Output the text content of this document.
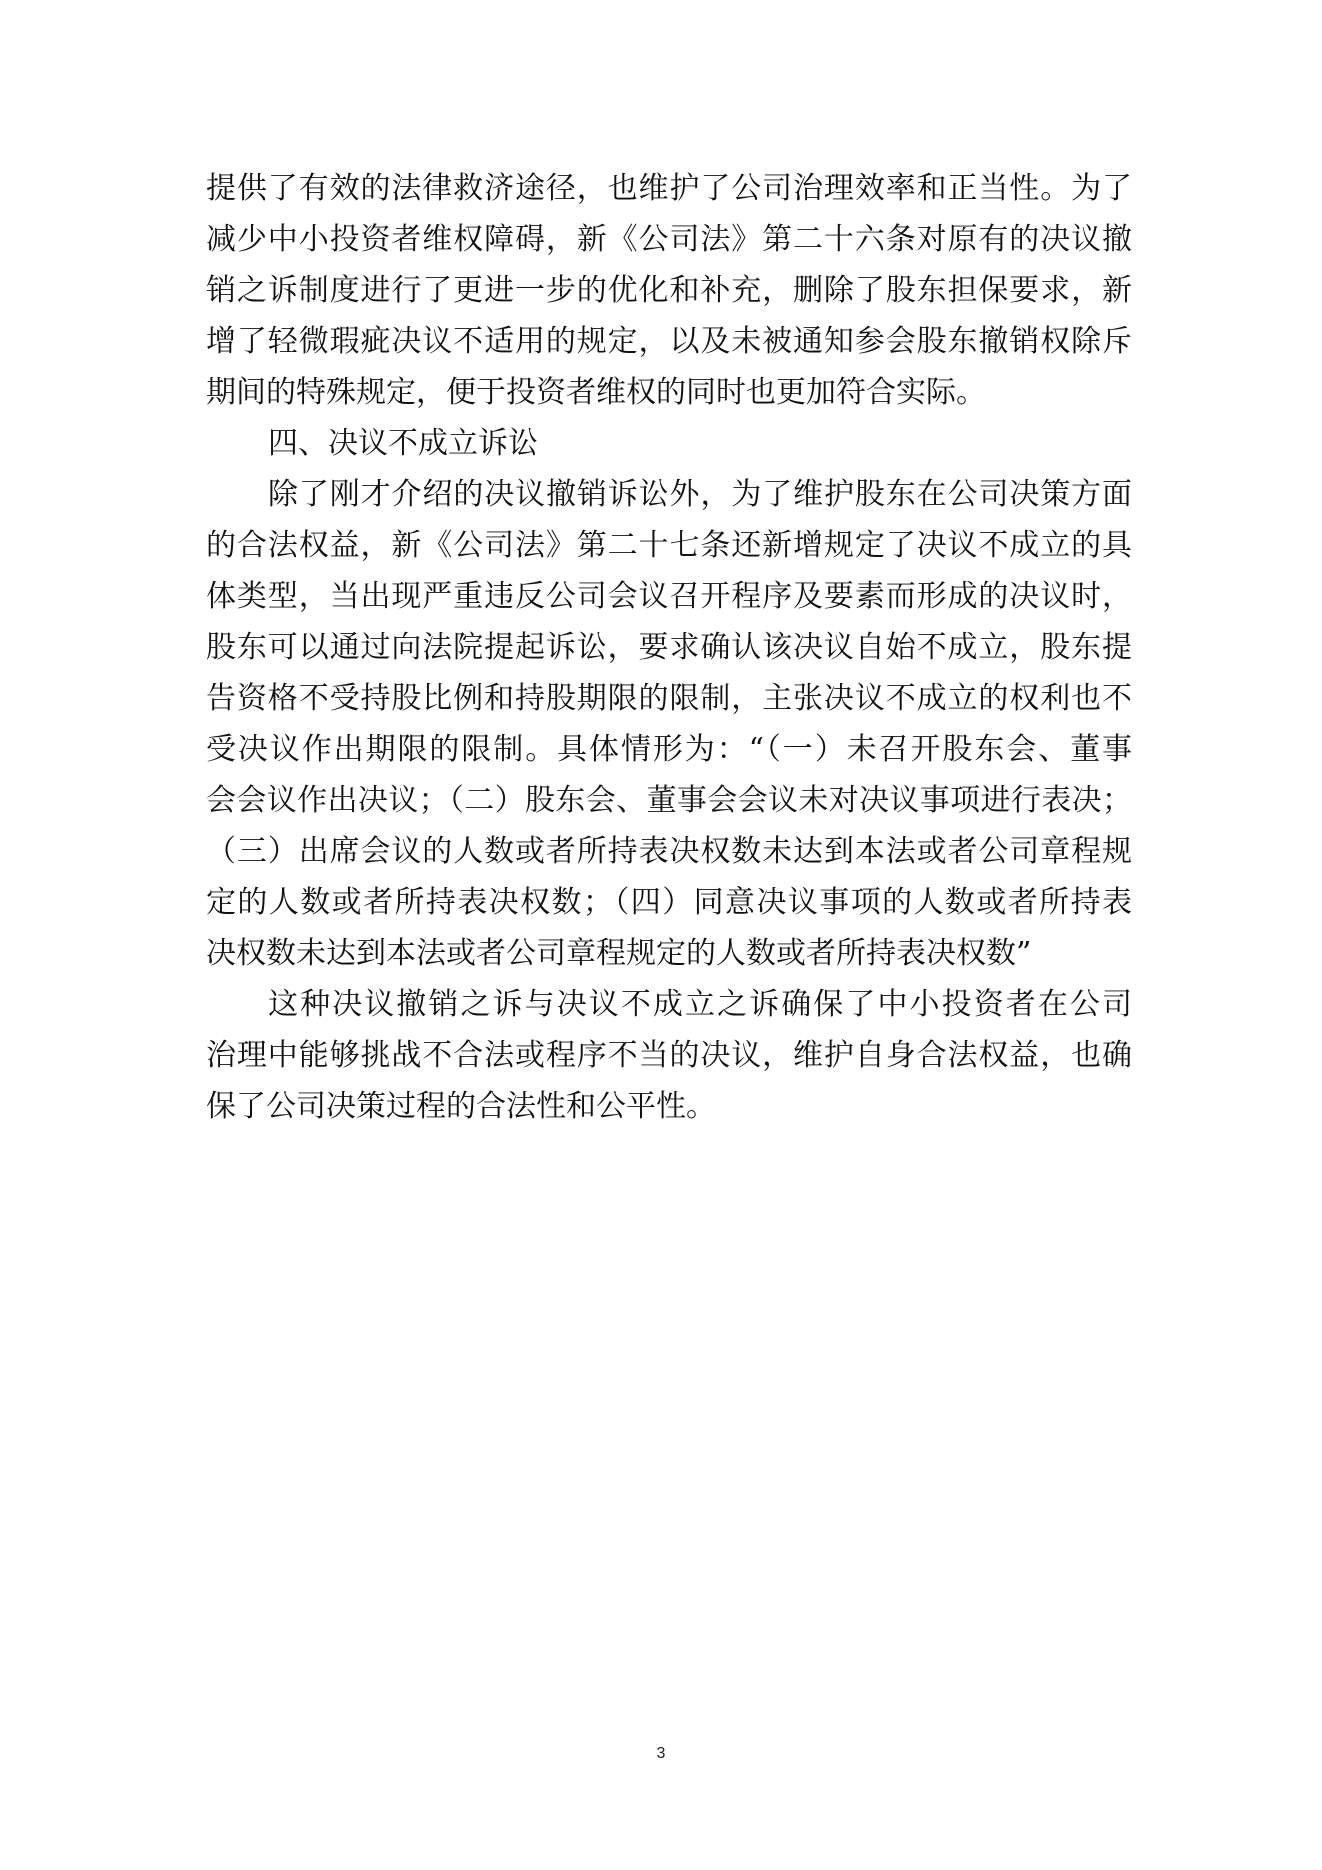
提供了有效的法律救济途径，也维护了公司治理效率和正当性。为了
减少中小投资者维权障碍，新《公司法》第二十六条对原有的决议撤
销之诉制度进行了更进一步的优化和补充，删除了股东担保要求，新
增了轻微瑕疵决议不适用的规定，以及未被通知参会股东撤销权除斥
期间的特殊规定，便于投资者维权的同时也更加符合实际。
四、决议不成立诉讼
除了刚才介绍的决议撤销诉讼外，为了维护股东在公司决策方面
的合法权益，新《公司法》第二十七条还新增规定了决议不成立的具
体类型，当出现严重违反公司会议召开程序及要素而形成的决议时，
股东可以通过向法院提起诉讼，要求确认该决议自始不成立，股东提
告资格不受持股比例和持股期限的限制，主张决议不成立的权利也不
受决议作出期限的限制。具体情形为：“（一）未召开股东会、董事
会会议作出决议；（二）股东会、董事会会议未对决议事项进行表决；
（三）出席会议的人数或者所持表决权数未达到本法或者公司章程规
定的人数或者所持表决权数；（四）同意决议事项的人数或者所持表
决权数未达到本法或者公司章程规定的人数或者所持表决权数”
这种决议撤销之诉与决议不成立之诉确保了中小投资者在公司
治理中能够挑战不合法或程序不当的决议，维护自身合法权益，也确
保了公司决策过程的合法性和公平性。
3
